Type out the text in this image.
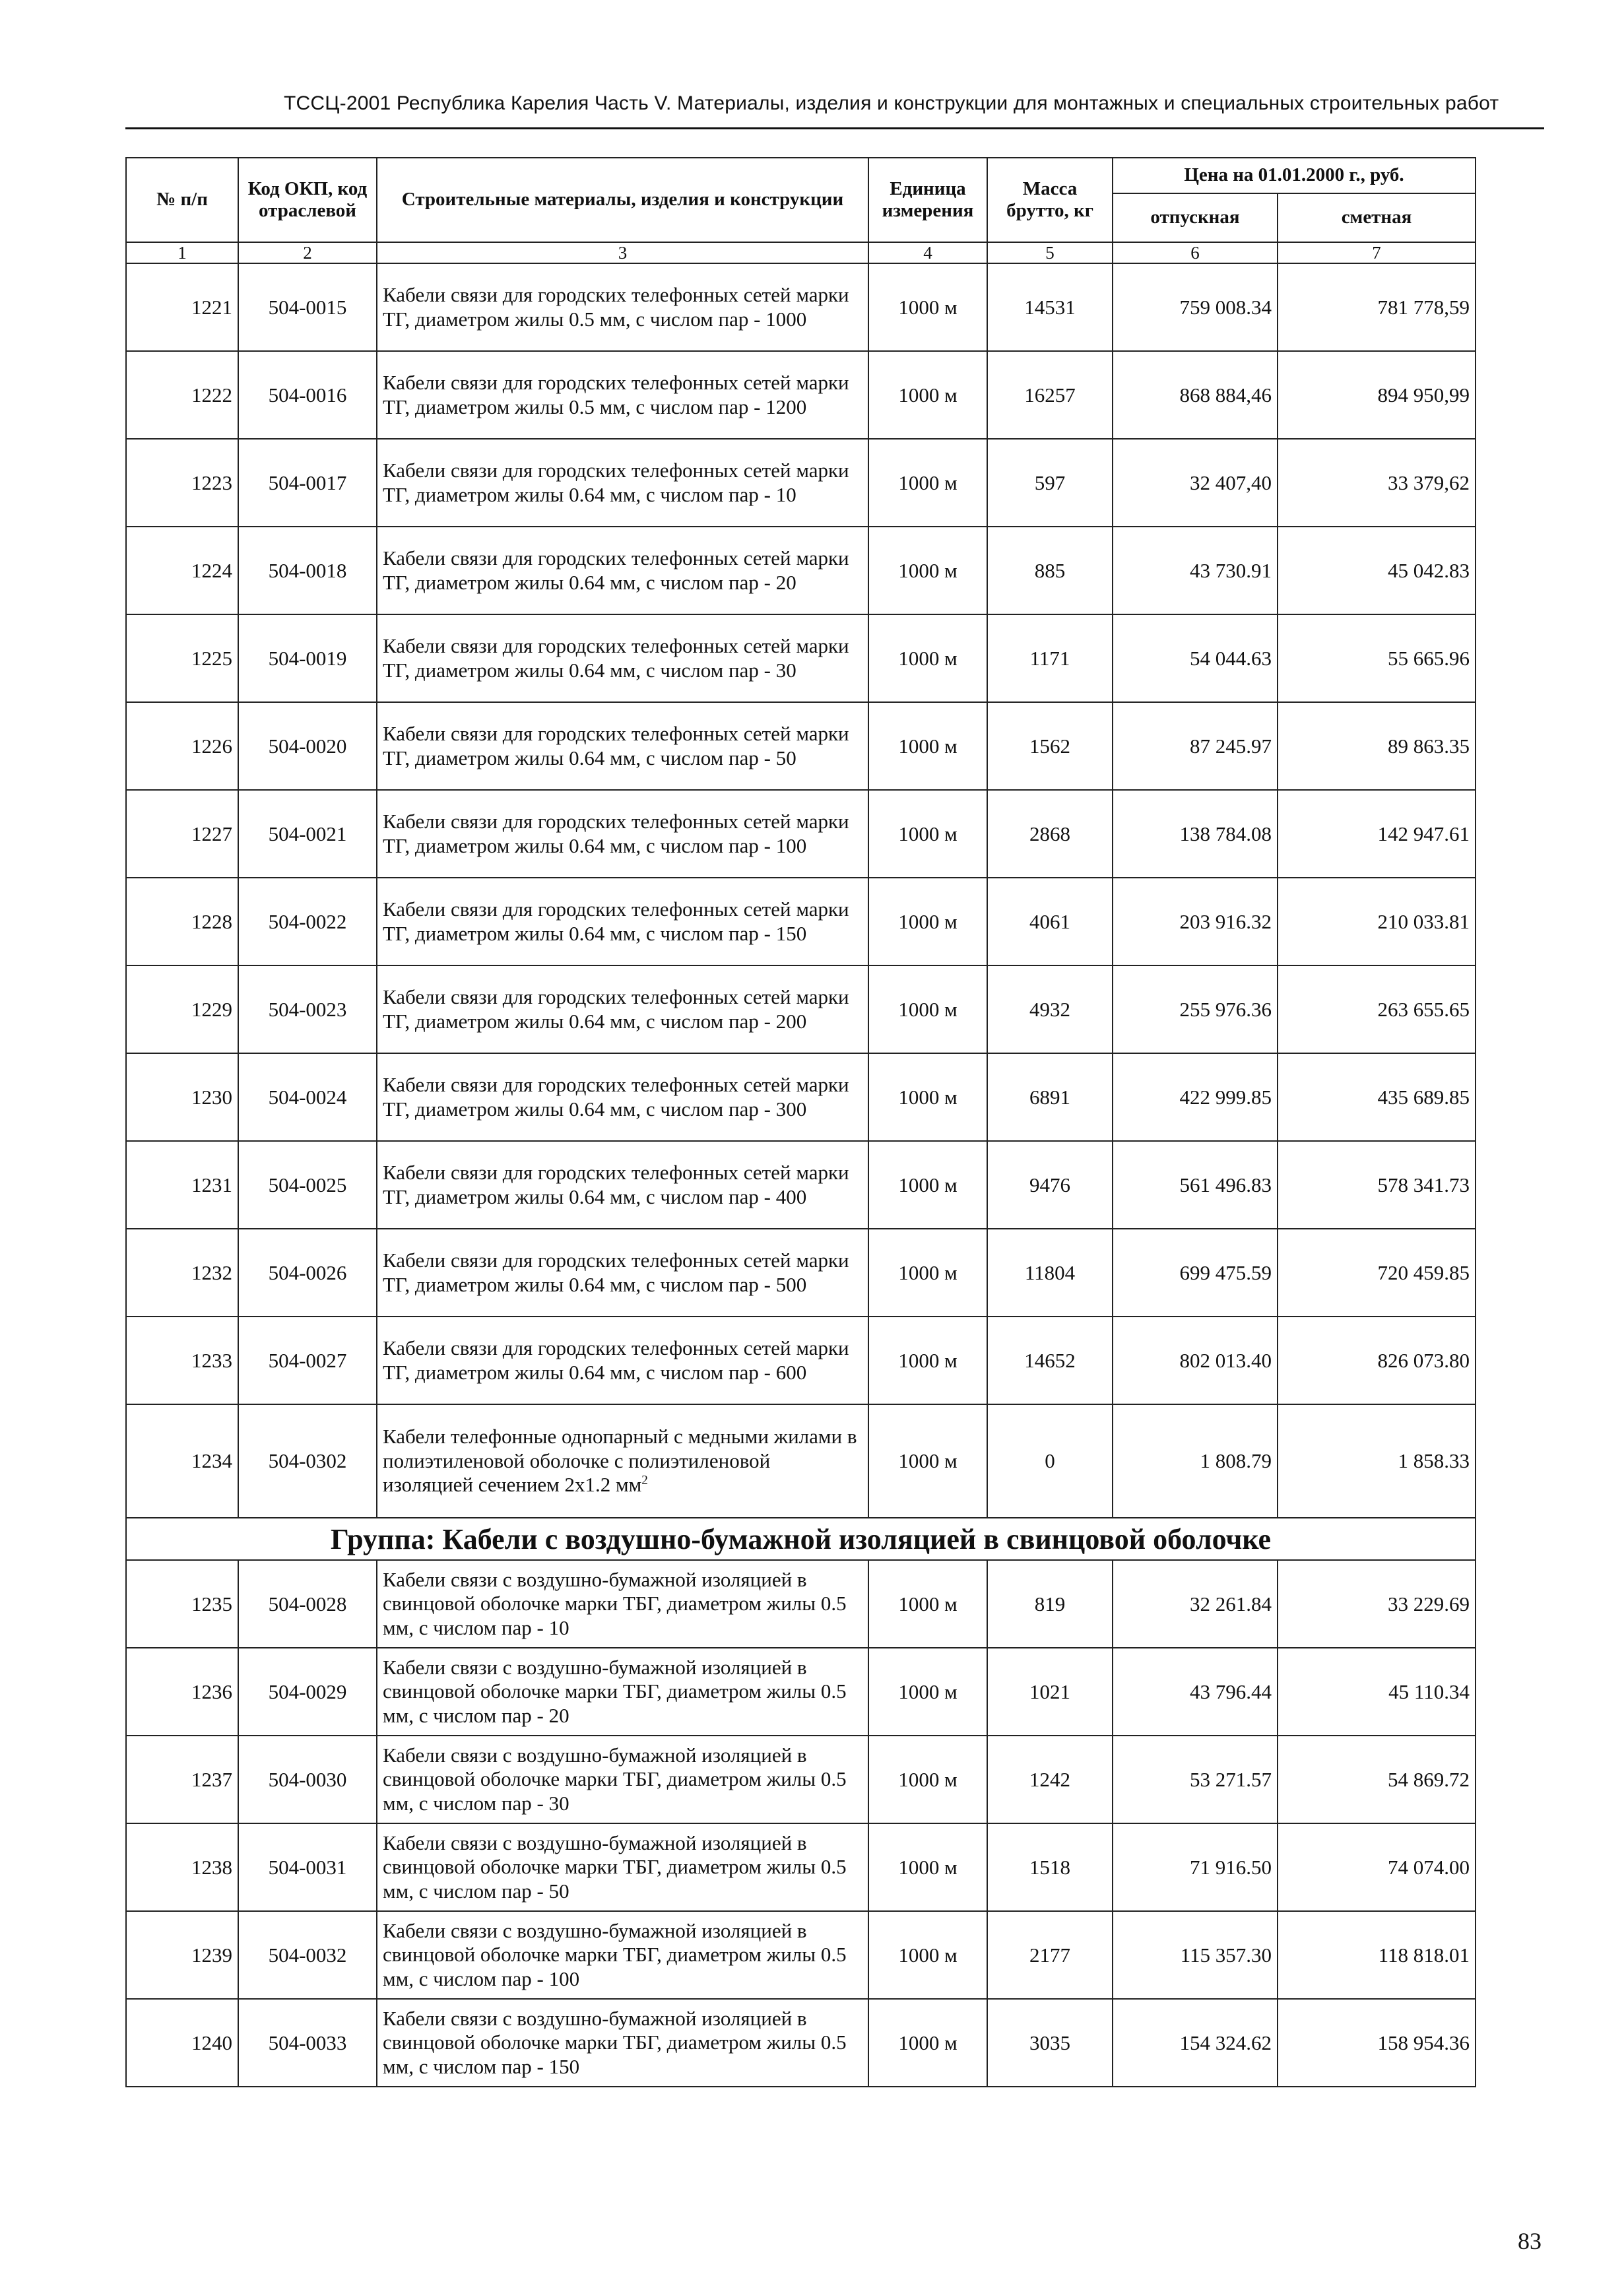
ТССЦ-2001 Республика Карелия Часть V. Материалы, изделия и конструкции для монтажных и специальных строительных работ
№ п/п	Код ОКП, код отраслевой	Строительные материалы, изделия и конструкции	Единица измерения	Масса брутто, кг	Цена на 01.01.2000 г., руб.	
					отпускная	сметная
1	2	3	4	5	6	7
1221	504-0015	Кабели связи для городских телефонных сетей марки ТГ, диаметром жилы 0.5 мм, с числом пар - 1000	1000 м	14531	759 008.34	781 778,59
1222	504-0016	Кабели связи для городских телефонных сетей марки ТГ, диаметром жилы 0.5 мм, с числом пар - 1200	1000 м	16257	868 884,46	894 950,99
1223	504-0017	Кабели связи для городских телефонных сетей марки ТГ, диаметром жилы 0.64 мм, с числом пар - 10	1000 м	597	32 407,40	33 379,62
1224	504-0018	Кабели связи для городских телефонных сетей марки ТГ, диаметром жилы 0.64 мм, с числом пар - 20	1000 м	885	43 730.91	45 042.83
1225	504-0019	Кабели связи для городских телефонных сетей марки ТГ, диаметром жилы 0.64 мм, с числом пар - 30	1000 м	1171	54 044.63	55 665.96
1226	504-0020	Кабели связи для городских телефонных сетей марки ТГ, диаметром жилы 0.64 мм, с числом пар - 50	1000 м	1562	87 245.97	89 863.35
1227	504-0021	Кабели связи для городских телефонных сетей марки ТГ, диаметром жилы 0.64 мм, с числом пар - 100	1000 м	2868	138 784.08	142 947.61
1228	504-0022	Кабели связи для городских телефонных сетей марки ТГ, диаметром жилы 0.64 мм, с числом пар - 150	1000 м	4061	203 916.32	210 033.81
1229	504-0023	Кабели связи для городских телефонных сетей марки ТГ, диаметром жилы 0.64 мм, с числом пар - 200	1000 м	4932	255 976.36	263 655.65
1230	504-0024	Кабели связи для городских телефонных сетей марки ТГ, диаметром жилы 0.64 мм, с числом пар - 300	1000 м	6891	422 999.85	435 689.85
1231	504-0025	Кабели связи для городских телефонных сетей марки ТГ, диаметром жилы 0.64 мм, с числом пар - 400	1000 м	9476	561 496.83	578 341.73
1232	504-0026	Кабели связи для городских телефонных сетей марки ТГ, диаметром жилы 0.64 мм, с числом пар - 500	1000 м	11804	699 475.59	720 459.85
1233	504-0027	Кабели связи для городских телефонных сетей марки ТГ, диаметром жилы 0.64 мм, с числом пар - 600	1000 м	14652	802 013.40	826 073.80
1234	504-0302	Кабели телефонные однопарный с медными жилами в полиэтиленовой оболочке с полиэтиленовой изоляцией сечением 2x1.2 $мм^2$	1000 м	0	1 808.79	1 858.33
Группа: Кабели с воздушно-бумажной изоляцией в свинцовой оболочке						
1235	504-0028	Кабели связи с воздушно-бумажной изоляцией в свинцовой оболочке марки ТБГ, диаметром жилы 0.5 мм, с числом пар - 10	1000 м	819	32 261.84	33 229.69
1236	504-0029	Кабели связи с воздушно-бумажной изоляцией в свинцовой оболочке марки ТБГ, диаметром жилы 0.5 мм, с числом пар - 20	1000 м	1021	43 796.44	45 110.34
1237	504-0030	Кабели связи с воздушно-бумажной изоляцией в свинцовой оболочке марки ТБГ, диаметром жилы 0.5 мм, с числом пар - 30	1000 м	1242	53 271.57	54 869.72
1238	504-0031	Кабели связи с воздушно-бумажной изоляцией в свинцовой оболочке марки ТБГ, диаметром жилы 0.5 мм, с числом пар - 50	1000 м	1518	71 916.50	74 074.00
1239	504-0032	Кабели связи с воздушно-бумажной изоляцией в свинцовой оболочке марки ТБГ, диаметром жилы 0.5 мм, с числом пар - 100	1000 м	2177	115 357.30	118 818.01
1240	504-0033	Кабели связи с воздушно-бумажной изоляцией в свинцовой оболочке марки ТБГ, диаметром жилы 0.5 мм, с числом пар - 150	1000 м	3035	154 324.62	158 954.36
83
